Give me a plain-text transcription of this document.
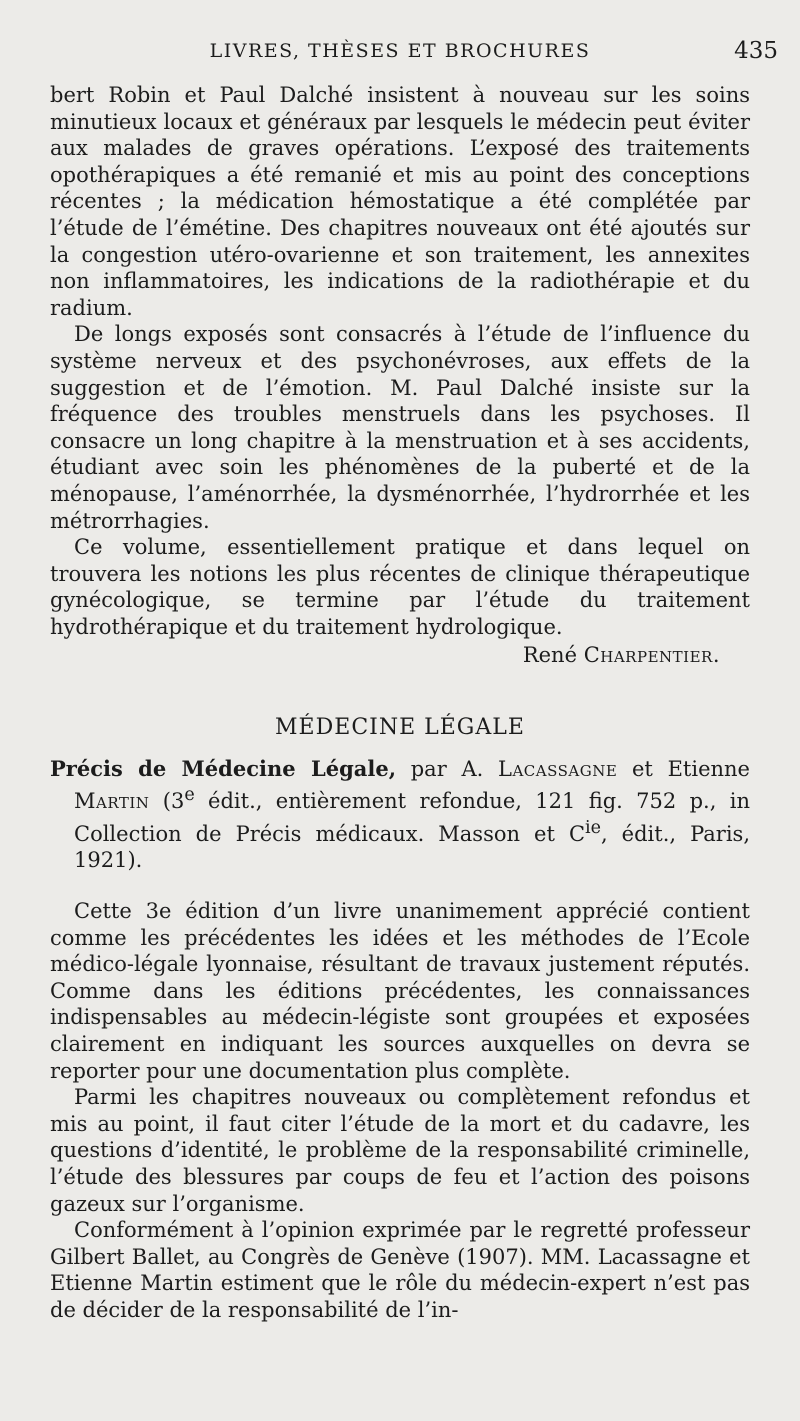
LIVRES, THÈSES ET BROCHURES	435

bert Robin et Paul Dalché insistent à nouveau sur les soins minutieux locaux et généraux par lesquels le médecin peut éviter aux malades de graves opérations. L’exposé des traitements opothérapiques a été remanié et mis au point des conceptions récentes ; la médication hémostatique a été complétée par l’étude de l’émétine. Des chapitres nouveaux ont été ajoutés sur la congestion utéro-ovarienne et son traitement, les annexites non inflammatoires, les indications de la radiothérapie et du radium.

De longs exposés sont consacrés à l’étude de l’influence du système nerveux et des psychonévroses, aux effets de la suggestion et de l’émotion. M. Paul Dalché insiste sur la fréquence des troubles menstruels dans les psychoses. Il consacre un long chapitre à la menstruation et à ses accidents, étudiant avec soin les phénomènes de la puberté et de la ménopause, l’aménorrhée, la dysménorrhée, l’hydrorrhée et les métrorrhagies.

Ce volume, essentiellement pratique et dans lequel on trouvera les notions les plus récentes de clinique thérapeutique gynécologique, se termine par l’étude du traitement hydrothérapique et du traitement hydrologique.

René Charpentier.
MÉDECINE LÉGALE

Précis de Médecine Légale, par A. Lacassagne et Etienne Martin (3e édit., entièrement refondue, 121 fig. 752 p., in Collection de Précis médicaux. Masson et $C^{ie}$, édit., Paris, 1921).

Cette 3e édition d’un livre unanimement apprécié contient comme les précédentes les idées et les méthodes de l’Ecole médico-légale lyonnaise, résultant de travaux justement réputés. Comme dans les éditions précédentes, les connaissances indispensables au médecin-légiste sont groupées et exposées clairement en indiquant les sources auxquelles on devra se reporter pour une documentation plus complète.

Parmi les chapitres nouveaux ou complètement refondus et mis au point, il faut citer l’étude de la mort et du cadavre, les questions d’identité, le problème de la responsabilité criminelle, l’étude des blessures par coups de feu et l’action des poisons gazeux sur l’organisme.

Conformément à l’opinion exprimée par le regretté professeur Gilbert Ballet, au Congrès de Genève (1907). MM. Lacassagne et Etienne Martin estiment que le rôle du médecin-expert n’est pas de décider de la responsabilité de l’in-
